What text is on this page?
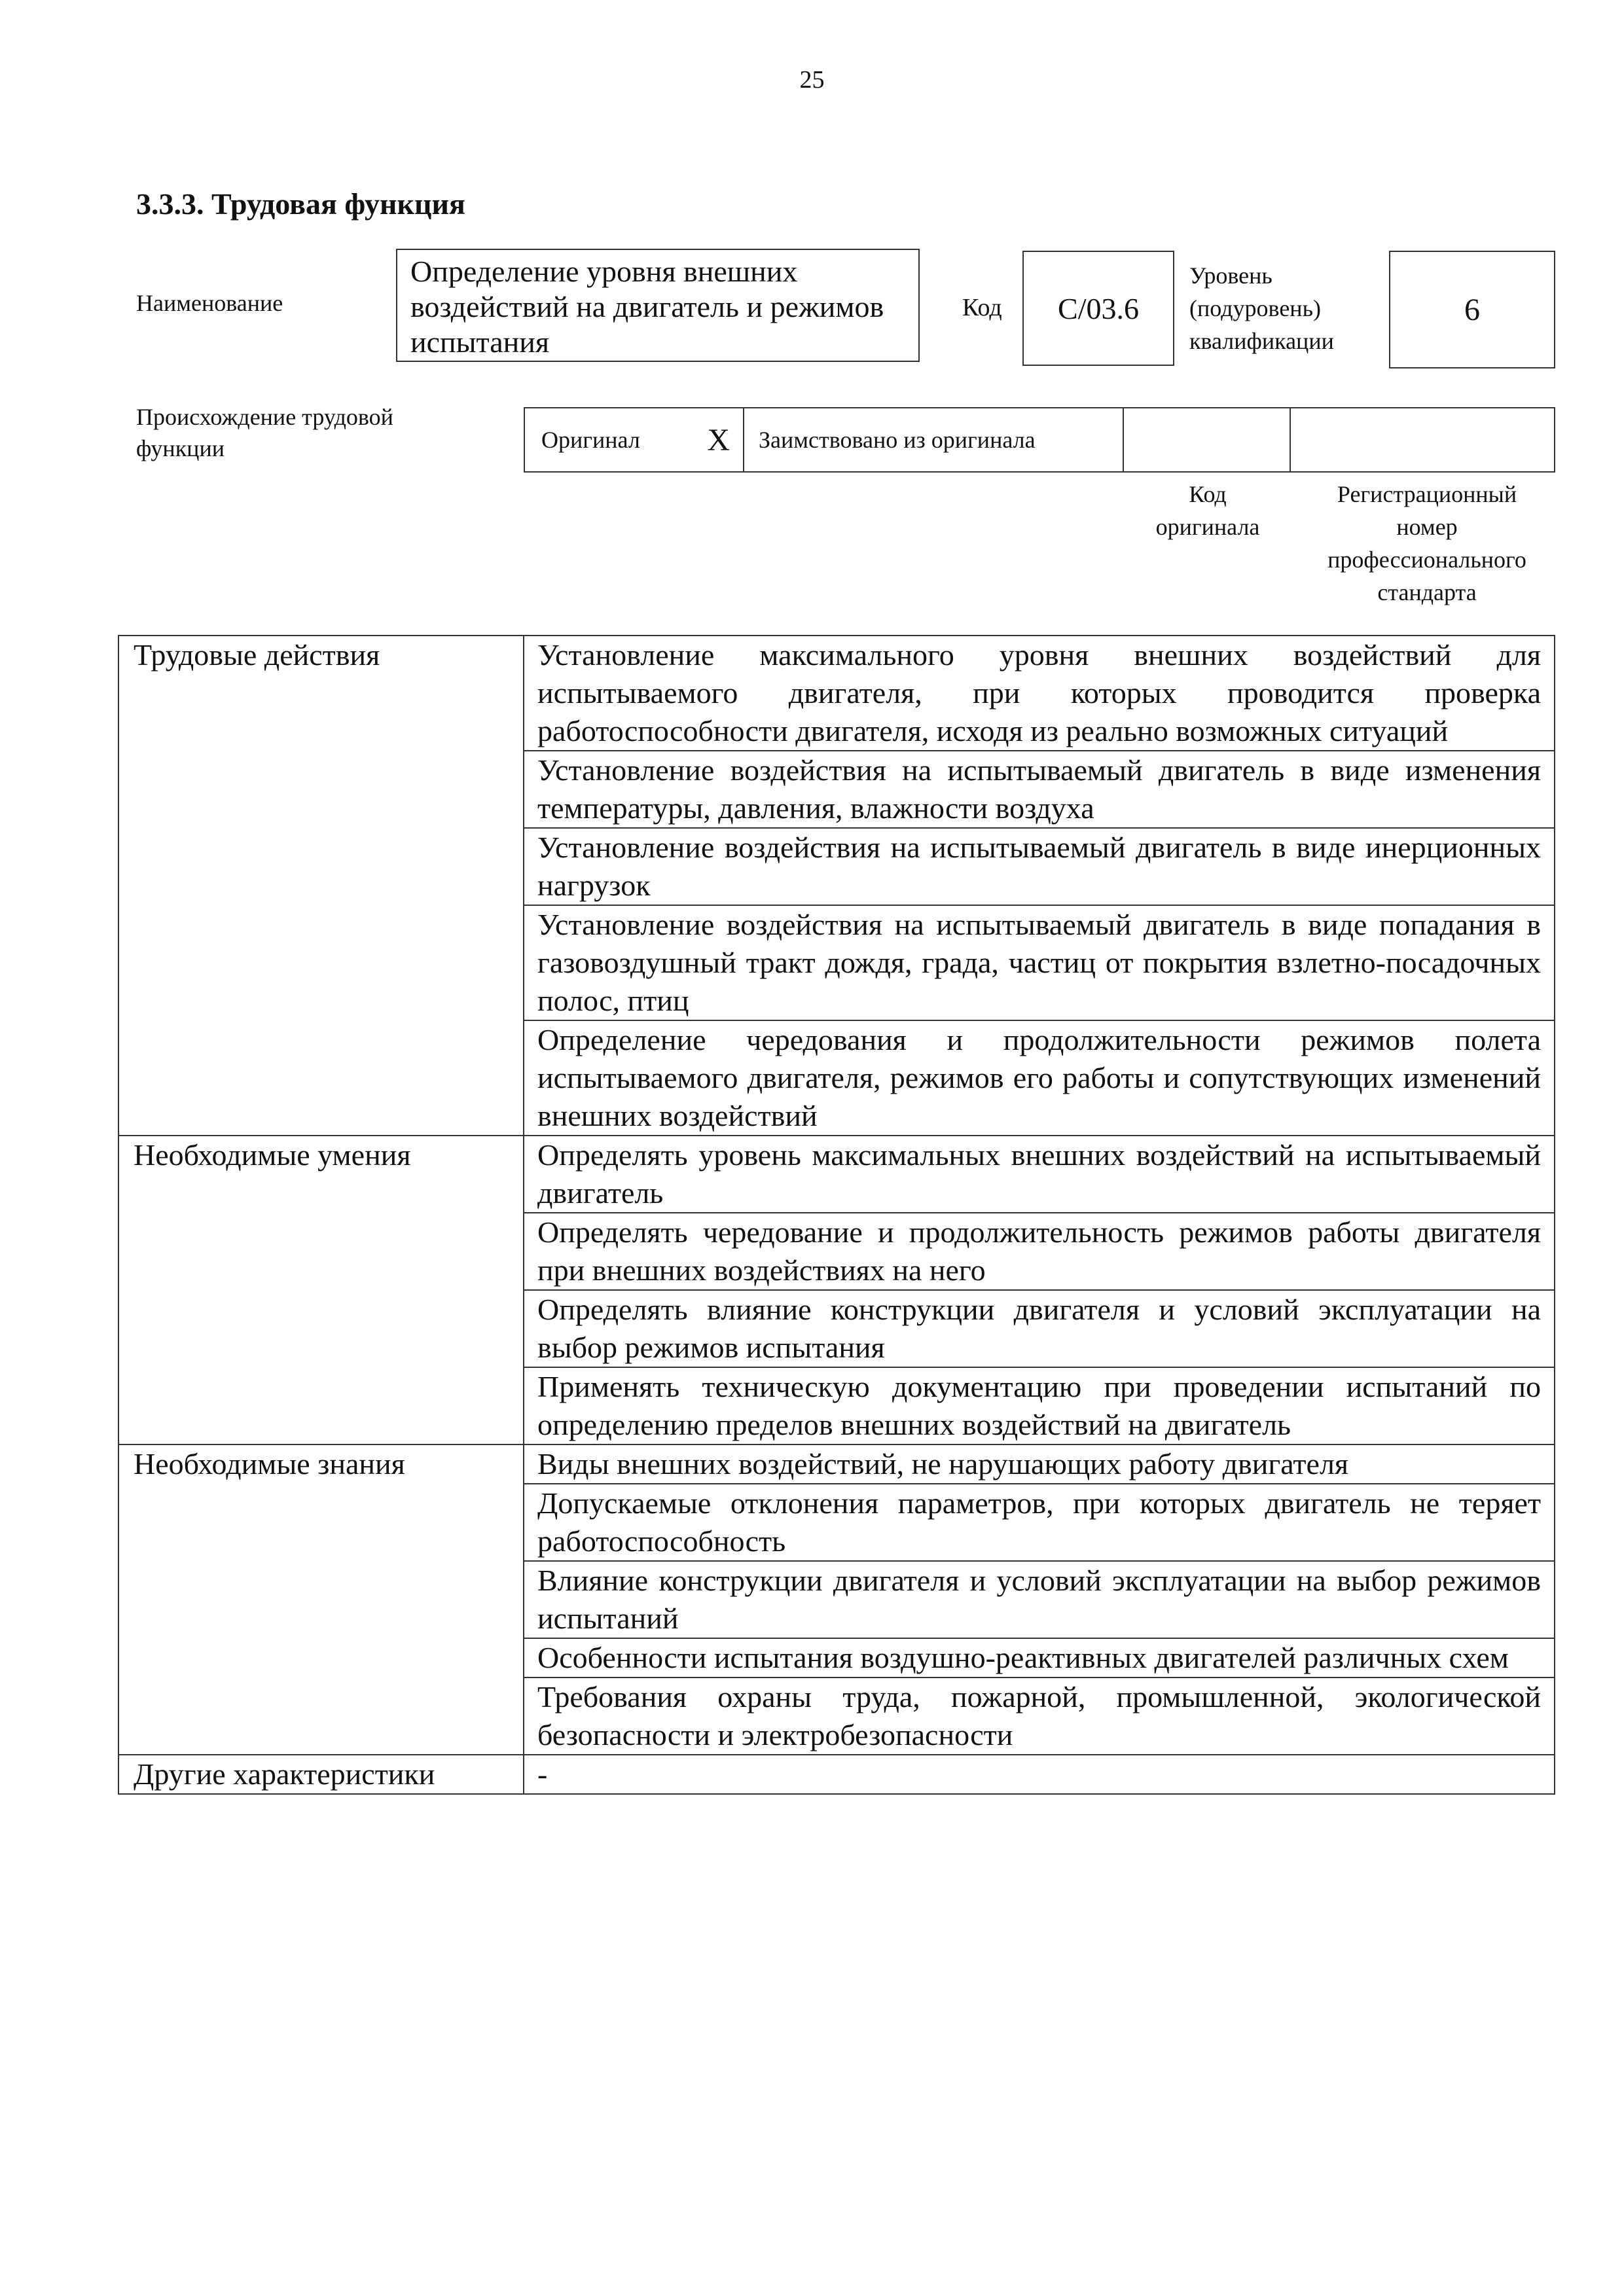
25
3.3.3. Трудовая функция
Наименование
Определение уровня внешних воздействий на двигатель и режимов испытания
Код	C/03.6
Уровень
(подуровень)
квалификации
6
Происхождение трудовой
функции	Оригинал X	Заимствовано из оригинала
Код
оригинала
Регистрационный
номер
профессионального
стандарта
Трудовые действия	Установление максимального уровня внешних воздействий для испытываемого двигателя, при которых проводится проверка работоспособности двигателя, исходя из реально возможных ситуаций
	Установление воздействия на испытываемый двигатель в виде изменения температуры, давления, влажности воздуха
	Установление воздействия на испытываемый двигатель в виде инерционных нагрузок
	Установление воздействия на испытываемый двигатель в виде попадания в газовоздушный тракт дождя, града, частиц от покрытия взлетно-посадочных полос, птиц
	Определение чередования и продолжительности режимов полета испытываемого двигателя, режимов его работы и сопутствующих изменений внешних воздействий
Необходимые умения	Определять уровень максимальных внешних воздействий на испытываемый двигатель
	Определять чередование и продолжительность режимов работы двигателя при внешних воздействиях на него
	Определять влияние конструкции двигателя и условий эксплуатации на выбор режимов испытания
	Применять техническую документацию при проведении испытаний по определению пределов внешних воздействий на двигатель
Необходимые знания	Виды внешних воздействий, не нарушающих работу двигателя
	Допускаемые отклонения параметров, при которых двигатель не теряет работоспособность
	Влияние конструкции двигателя и условий эксплуатации на выбор режимов испытаний
	Особенности испытания воздушно-реактивных двигателей различных схем
	Требования охраны труда, пожарной, промышленной, экологической безопасности и электробезопасности
Другие характеристики	-
